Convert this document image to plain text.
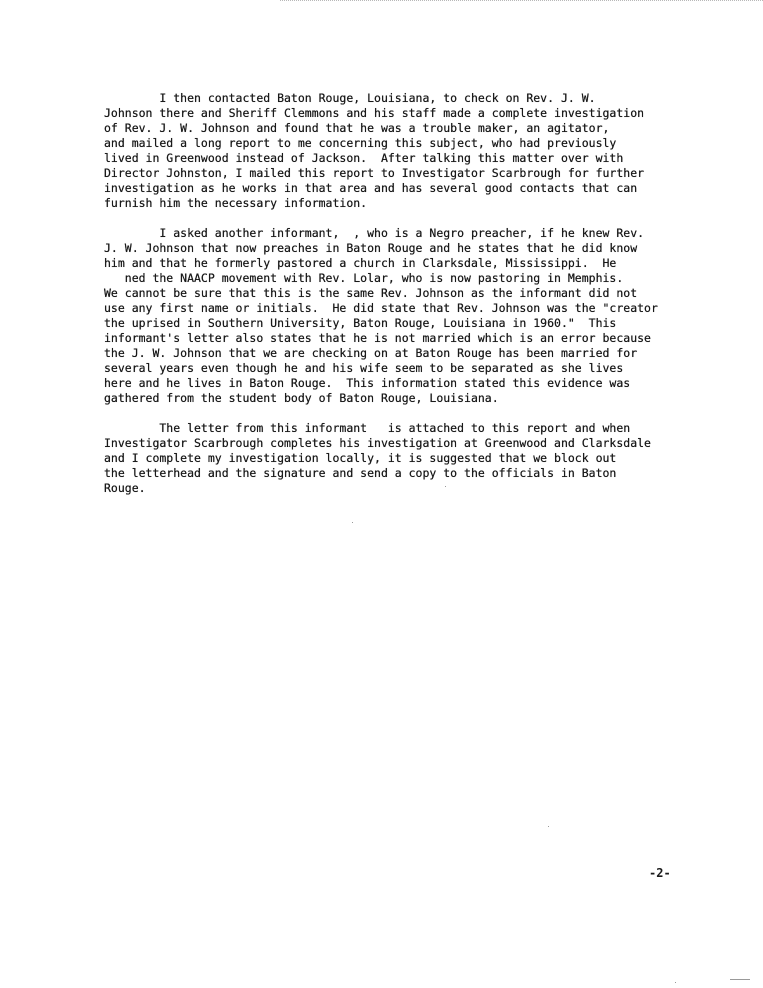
I then contacted Baton Rouge, Louisiana, to check on Rev. J. W.
Johnson there and Sheriff Clemmons and his staff made a complete investigation
of Rev. J. W. Johnson and found that he was a trouble maker, an agitator,
and mailed a long report to me concerning this subject, who had previously
lived in Greenwood instead of Jackson.  After talking this matter over with
Director Johnston, I mailed this report to Investigator Scarbrough for further
investigation as he works in that area and has several good contacts that can
furnish him the necessary information.
I asked another informant,  , who is a Negro preacher, if he knew Rev.
J. W. Johnson that now preaches in Baton Rouge and he states that he did know
him and that he formerly pastored a church in Clarksdale, Mississippi.  He
ned the NAACP movement with Rev. Lolar, who is now pastoring in Memphis.
We cannot be sure that this is the same Rev. Johnson as the informant did not
use any first name or initials.  He did state that Rev. Johnson was the "creator
the uprised in Southern University, Baton Rouge, Louisiana in 1960."  This
informant's letter also states that he is not married which is an error because
the J. W. Johnson that we are checking on at Baton Rouge has been married for
several years even though he and his wife seem to be separated as she lives
here and he lives in Baton Rouge.  This information stated this evidence was
gathered from the student body of Baton Rouge, Louisiana.
The letter from this informant   is attached to this report and when
Investigator Scarbrough completes his investigation at Greenwood and Clarksdale
and I complete my investigation locally, it is suggested that we block out
the letterhead and the signature and send a copy to the officials in Baton
Rouge.
-2-
